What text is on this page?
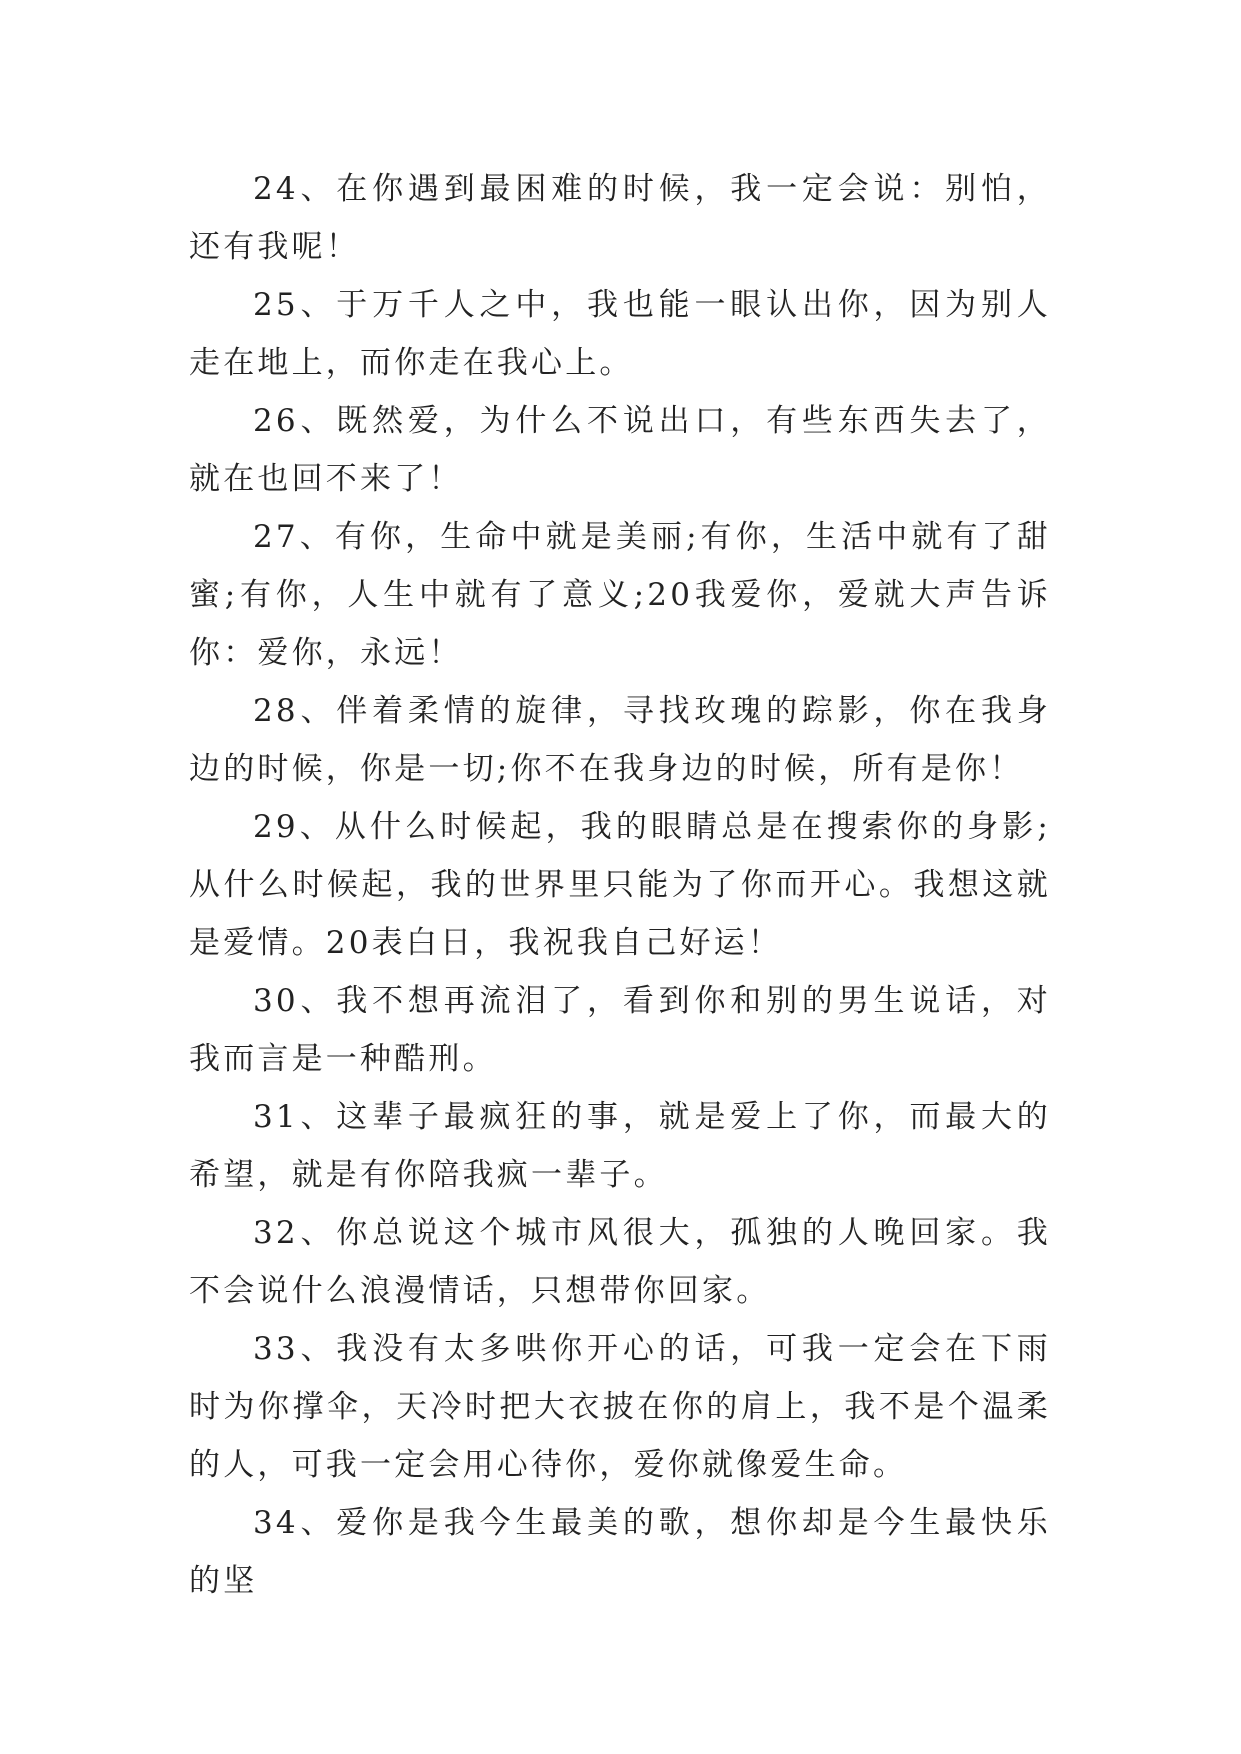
24、在你遇到最困难的时候，我一定会说：别怕，还有我呢！

25、于万千人之中，我也能一眼认出你，因为别人走在地上，而你走在我心上。

26、既然爱，为什么不说出口，有些东西失去了，就在也回不来了！

27、有你，生命中就是美丽;有你，生活中就有了甜蜜;有你，人生中就有了意义;20我爱你，爱就大声告诉你：爱你，永远！

28、伴着柔情的旋律，寻找玫瑰的踪影，你在我身边的时候，你是一切;你不在我身边的时候，所有是你！

29、从什么时候起，我的眼睛总是在搜索你的身影;从什么时候起，我的世界里只能为了你而开心。我想这就是爱情。20表白日，我祝我自己好运！

30、我不想再流泪了，看到你和别的男生说话，对我而言是一种酷刑。

31、这辈子最疯狂的事，就是爱上了你，而最大的希望，就是有你陪我疯一辈子。

32、你总说这个城市风很大，孤独的人晚回家。我不会说什么浪漫情话，只想带你回家。

33、我没有太多哄你开心的话，可我一定会在下雨时为你撑伞，天冷时把大衣披在你的肩上，我不是个温柔的人，可我一定会用心待你，爱你就像爱生命。

34、爱你是我今生最美的歌，想你却是今生最快乐的坚
